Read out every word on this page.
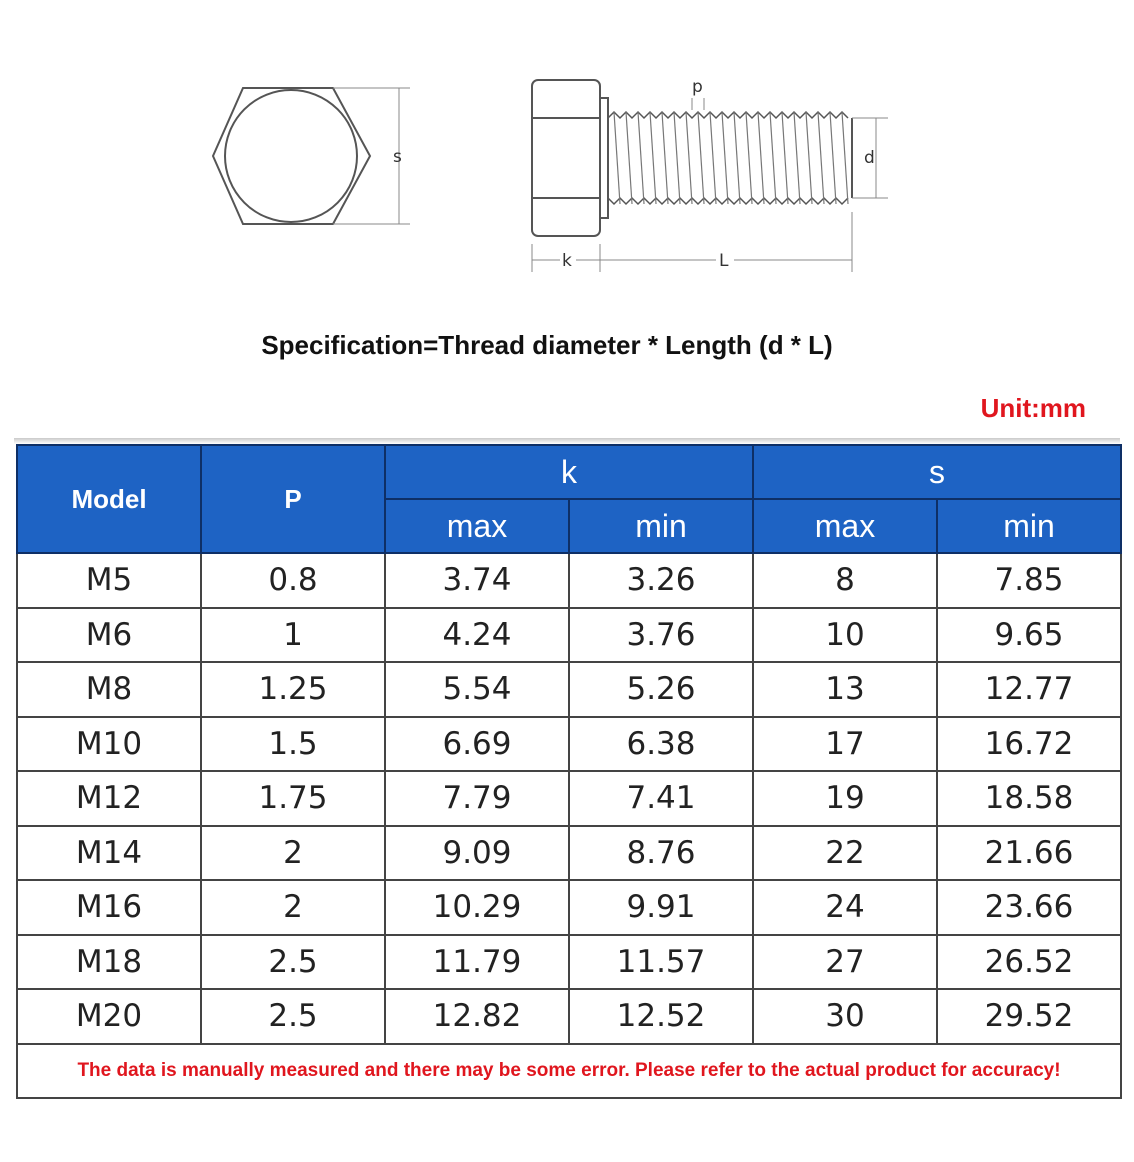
s	d
p
k	L
Specification=Thread diameter * Length (d * L)
Unit:mm
Model	P	k		s	
		max	min	max	min
M5	0.8	3.74	3.26	8	7.85
M6	1	4.24	3.76	10	9.65
M8	1.25	5.54	5.26	13	12.77
M10	1.5	6.69	6.38	17	16.72
M12	1.75	7.79	7.41	19	18.58
M14	2	9.09	8.76	22	21.66
M16	2	10.29	9.91	24	23.66
M18	2.5	11.79	11.57	27	26.52
M20	2.5	12.82	12.52	30	29.52
The data is manually measured and there may be some error. Please refer to the actual product for accuracy!					
